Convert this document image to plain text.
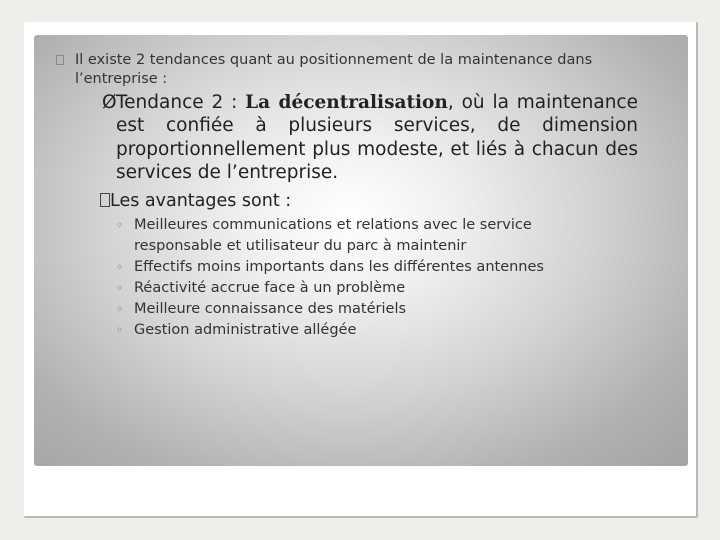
Il existe 2 tendances quant au positionnement de la maintenance dans l’entreprise :
Ø Tendance 2 : La décentralisation, où la maintenance est confiée à plusieurs services, de dimension proportionnellement plus modeste, et liés à chacun des services de l’entreprise.
Les avantages sont :
◦ Meilleures communications et relations avec le service responsable et utilisateur du parc à maintenir
◦ Effectifs moins importants dans les différentes antennes
◦ Réactivité accrue face à un problème
◦ Meilleure connaissance des matériels
◦ Gestion administrative allégée
